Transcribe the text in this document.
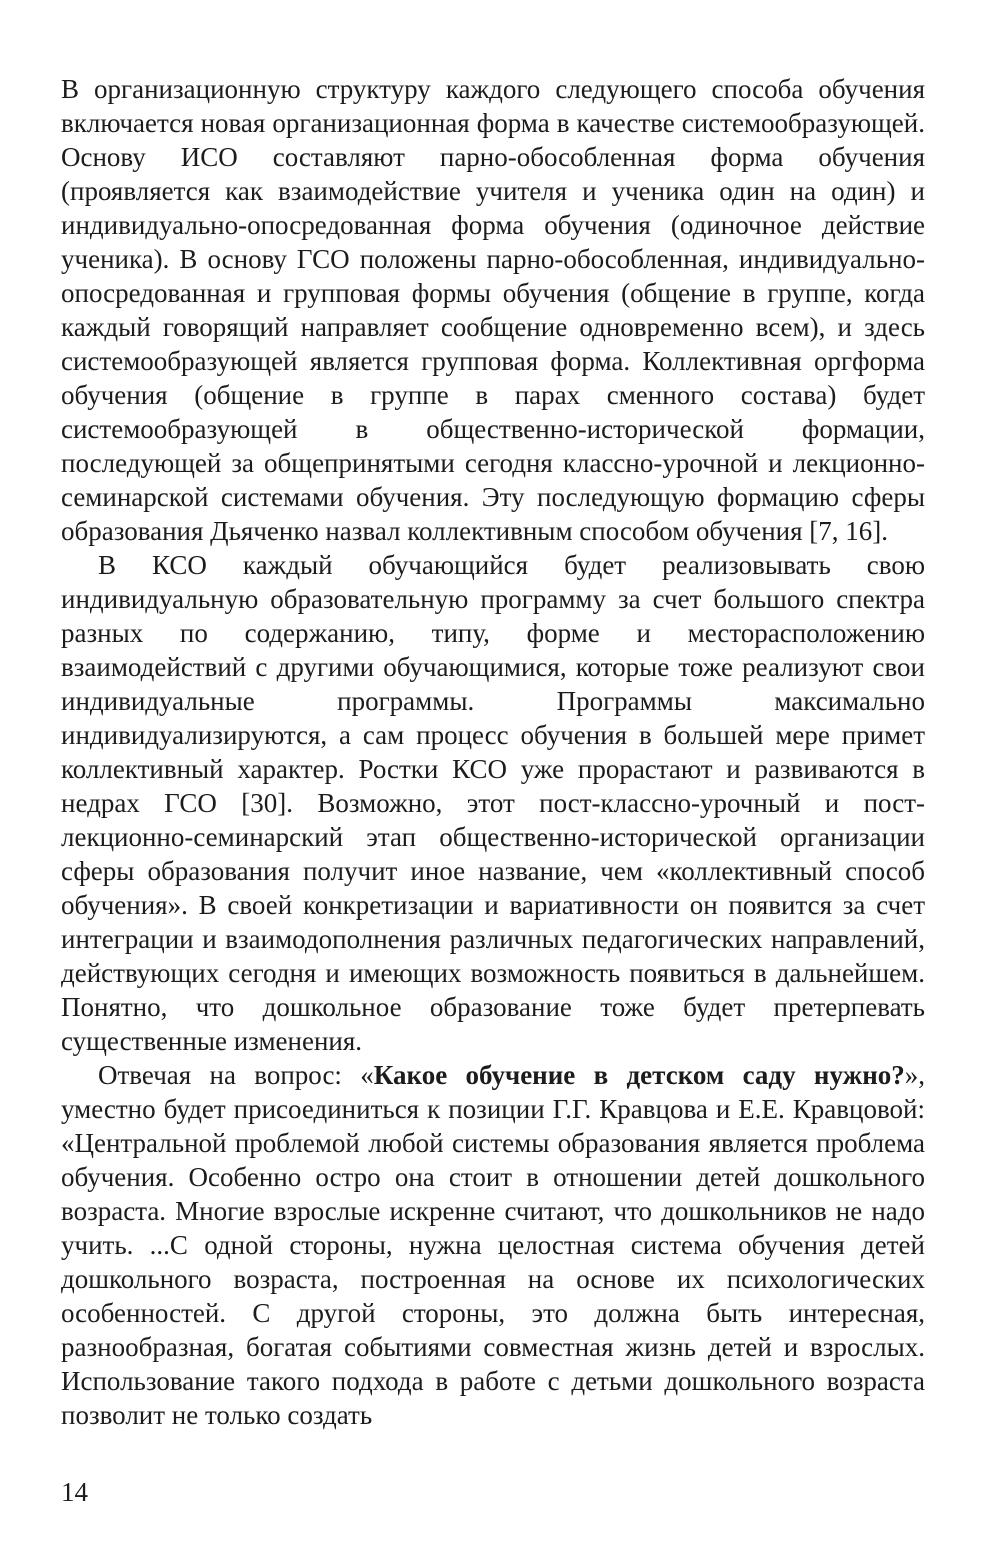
В организационную структуру каждого следующего способа обучения включается новая организационная форма в качестве системообразующей. Основу ИСО составляют парно-обособленная форма обучения (проявляется как взаимодействие учителя и ученика один на один) и индивидуально-опосредованная форма обучения (одиночное действие ученика). В основу ГСО положены парно-обособленная, индивидуально-опосредованная и групповая формы обучения (общение в группе, когда каждый говорящий направляет сообщение одновременно всем), и здесь системообразующей является групповая форма. Коллективная оргформа обучения (общение в группе в парах сменного состава) будет системообразующей в общественно-исторической формации, последующей за общепринятыми сегодня классно-урочной и лекционно-семинарской системами обучения. Эту последующую формацию сферы образования Дьяченко назвал коллективным способом обучения [7, 16].

В КСО каждый обучающийся будет реализовывать свою индивидуальную образовательную программу за счет большого спектра разных по содержанию, типу, форме и месторасположению взаимодействий с другими обучающимися, которые тоже реализуют свои индивидуальные программы. Программы максимально индивидуализируются, а сам процесс обучения в большей мере примет коллективный характер. Ростки КСО уже прорастают и развиваются в недрах ГСО [30]. Возможно, этот пост-классно-урочный и пост-лекционно-семинарский этап общественно-исторической организации сферы образования получит иное название, чем «коллективный способ обучения». В своей конкретизации и вариативности он появится за счет интеграции и взаимодополнения различных педагогических направлений, действующих сегодня и имеющих возможность появиться в дальнейшем. Понятно, что дошкольное образование тоже будет претерпевать существенные изменения.

Отвечая на вопрос: «Какое обучение в детском саду нужно?», уместно будет присоединиться к позиции Г.Г. Кравцова и Е.Е. Кравцовой: «Центральной проблемой любой системы образования является проблема обучения. Особенно остро она стоит в отношении детей дошкольного возраста. Многие взрослые искренне считают, что дошкольников не надо учить. ...С одной стороны, нужна целостная система обучения детей дошкольного возраста, построенная на основе их психологических особенностей. С другой стороны, это должна быть интересная, разнообразная, богатая событиями совместная жизнь детей и взрослых. Использование такого подхода в работе с детьми дошкольного возраста позволит не только создать

14
